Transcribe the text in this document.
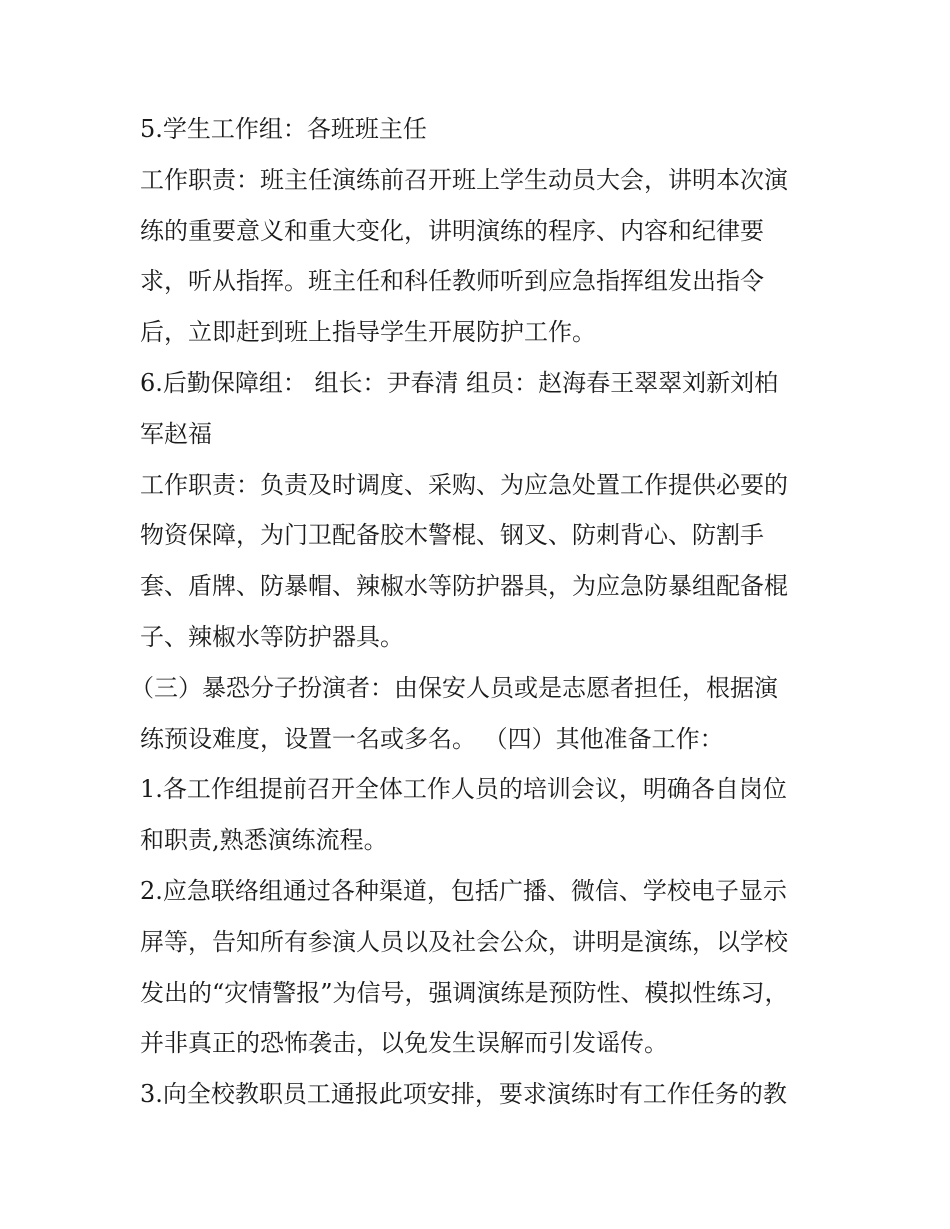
5.学生工作组：各班班主任
工作职责：班主任演练前召开班上学生动员大会，讲明本次演
练的重要意义和重大变化，讲明演练的程序、内容和纪律要
求，听从指挥。班主任和科任教师听到应急指挥组发出指令
后，立即赶到班上指导学生开展防护工作。
6.后勤保障组： 组长：尹春清 组员：赵海春王翠翠刘新刘柏
军赵福
工作职责：负责及时调度、采购、为应急处置工作提供必要的
物资保障，为门卫配备胶木警棍、钢叉、防刺背心、防割手
套、盾牌、防暴帽、辣椒水等防护器具，为应急防暴组配备棍
子、辣椒水等防护器具。
（三）暴恐分子扮演者：由保安人员或是志愿者担任，根据演
练预设难度，设置一名或多名。 （四）其他准备工作：
1.各工作组提前召开全体工作人员的培训会议，明确各自岗位
和职责,熟悉演练流程。
2.应急联络组通过各种渠道，包括广播、微信、学校电子显示
屏等，告知所有参演人员以及社会公众，讲明是演练，以学校
发出的“灾情警报”为信号，强调演练是预防性、模拟性练习，
并非真正的恐怖袭击，以免发生误解而引发谣传。
3.向全校教职员工通报此项安排，要求演练时有工作任务的教
